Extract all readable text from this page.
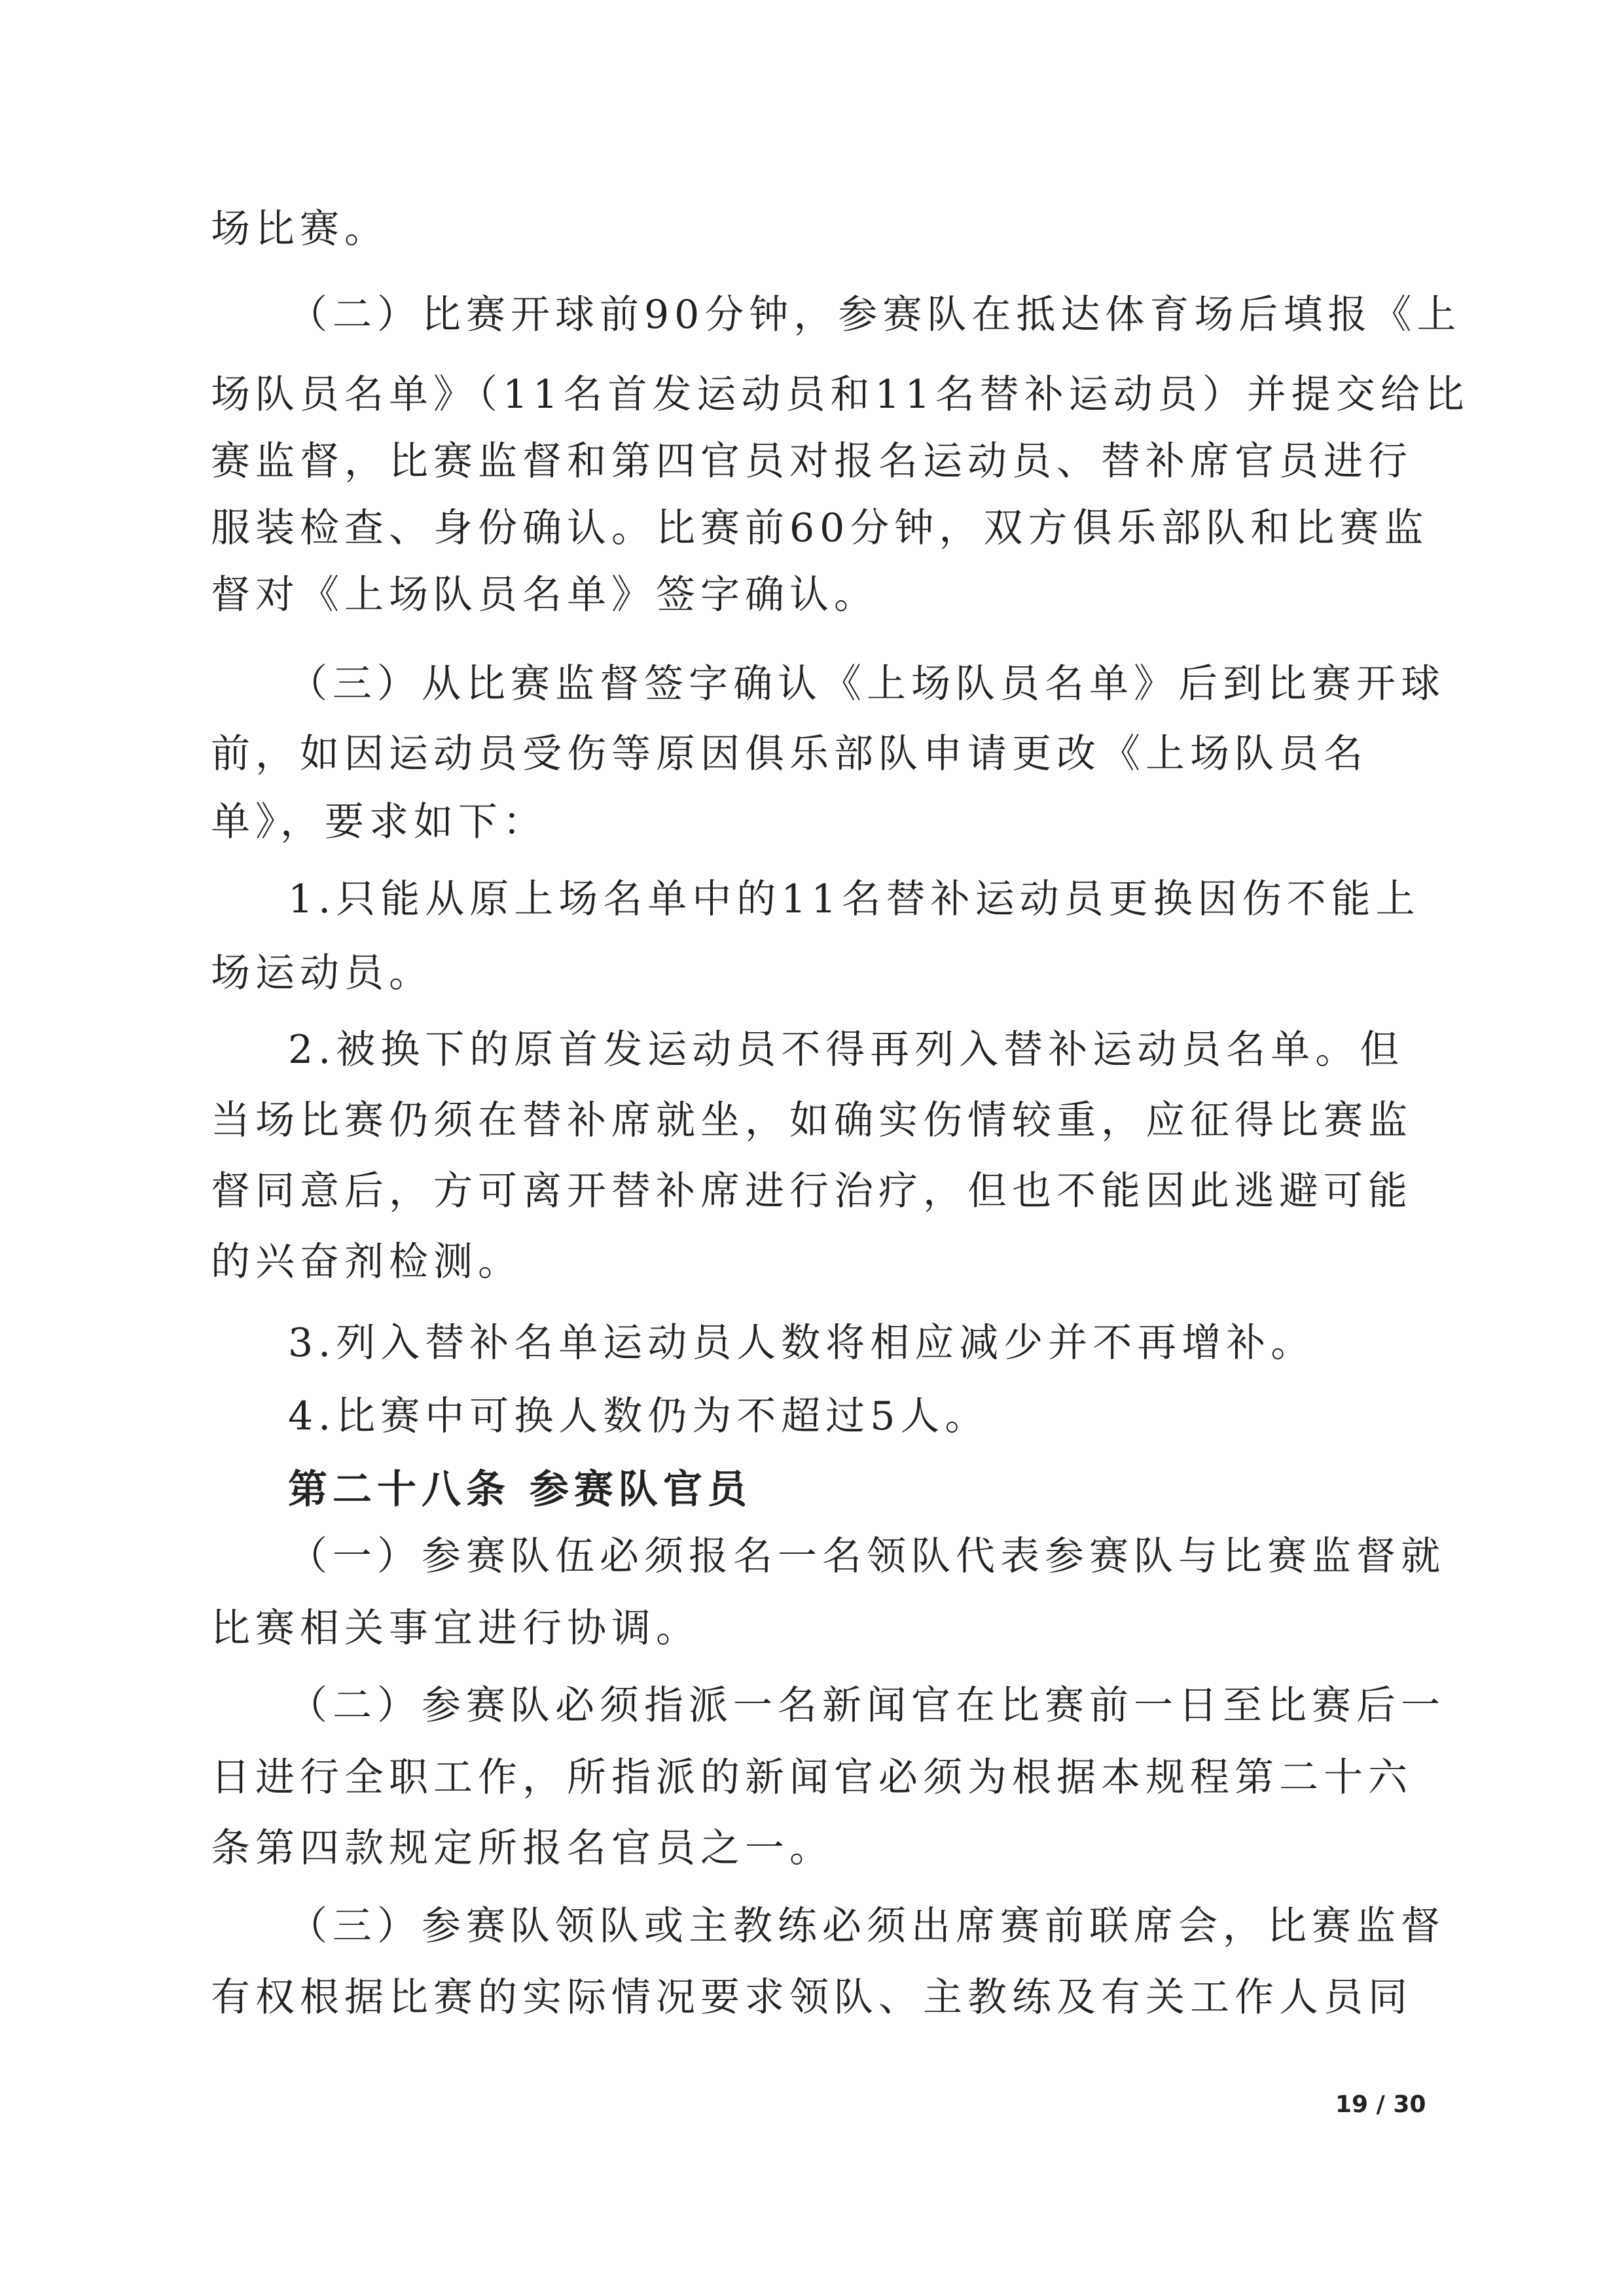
场比赛。
（二）比赛开球前90分钟，参赛队在抵达体育场后填报《上
场队员名单》（11名首发运动员和11名替补运动员）并提交给比
赛监督，比赛监督和第四官员对报名运动员、替补席官员进行
服装检查、身份确认。比赛前60分钟，双方俱乐部队和比赛监
督对《上场队员名单》签字确认。
（三）从比赛监督签字确认《上场队员名单》后到比赛开球
前，如因运动员受伤等原因俱乐部队申请更改《上场队员名
单》，要求如下：
1.只能从原上场名单中的11名替补运动员更换因伤不能上
场运动员。
2.被换下的原首发运动员不得再列入替补运动员名单。但
当场比赛仍须在替补席就坐，如确实伤情较重，应征得比赛监
督同意后，方可离开替补席进行治疗，但也不能因此逃避可能
的兴奋剂检测。
3.列入替补名单运动员人数将相应减少并不再增补。
4.比赛中可换人数仍为不超过5人。
第二十八条 参赛队官员
（一）参赛队伍必须报名一名领队代表参赛队与比赛监督就
比赛相关事宜进行协调。
（二）参赛队必须指派一名新闻官在比赛前一日至比赛后一
日进行全职工作，所指派的新闻官必须为根据本规程第二十六
条第四款规定所报名官员之一。
（三）参赛队领队或主教练必须出席赛前联席会，比赛监督
有权根据比赛的实际情况要求领队、主教练及有关工作人员同
19 / 30
